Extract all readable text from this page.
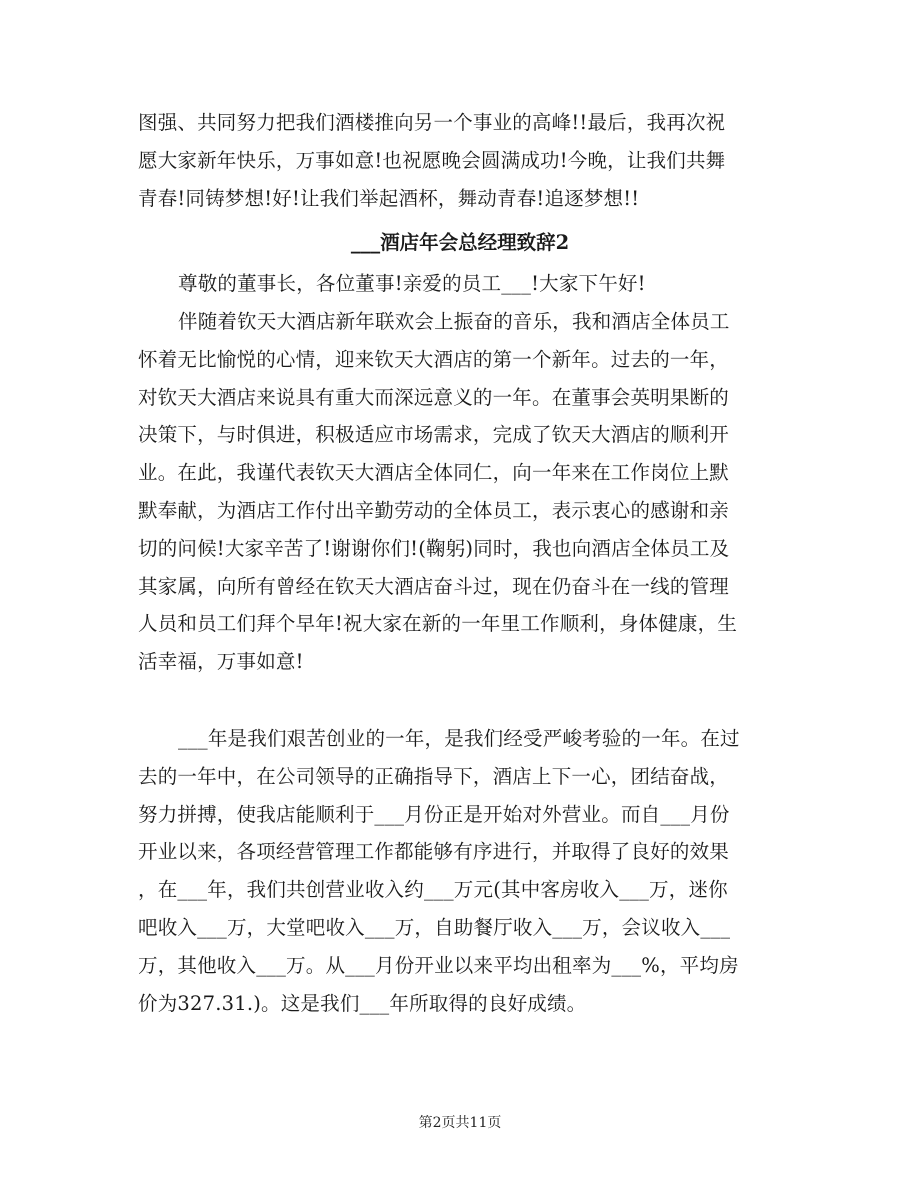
图强、共同努力把我们酒楼推向另一个事业的高峰!!最后，我再次祝
愿大家新年快乐，万事如意!也祝愿晚会圆满成功!今晚，让我们共舞
青春!同铸梦想!好!让我们举起酒杯，舞动青春!追逐梦想!!
___酒店年会总经理致辞2
尊敬的董事长，各位董事!亲爱的员工___!大家下午好!
伴随着钦天大酒店新年联欢会上振奋的音乐，我和酒店全体员工
怀着无比愉悦的心情，迎来钦天大酒店的第一个新年。过去的一年，
对钦天大酒店来说具有重大而深远意义的一年。在董事会英明果断的
决策下，与时俱进，积极适应市场需求，完成了钦天大酒店的顺利开
业。在此，我谨代表钦天大酒店全体同仁，向一年来在工作岗位上默
默奉献，为酒店工作付出辛勤劳动的全体员工，表示衷心的感谢和亲
切的问候!大家辛苦了!谢谢你们!(鞠躬)同时，我也向酒店全体员工及
其家属，向所有曾经在钦天大酒店奋斗过，现在仍奋斗在一线的管理
人员和员工们拜个早年!祝大家在新的一年里工作顺利，身体健康，生
活幸福，万事如意!
___年是我们艰苦创业的一年，是我们经受严峻考验的一年。在过
去的一年中，在公司领导的正确指导下，酒店上下一心，团结奋战，
努力拼搏，使我店能顺利于___月份正是开始对外营业。而自___月份
开业以来，各项经营管理工作都能够有序进行，并取得了良好的效果
，在___年，我们共创营业收入约___万元(其中客房收入___万，迷你
吧收入___万，大堂吧收入___万，自助餐厅收入___万，会议收入___
万，其他收入___万。从___月份开业以来平均出租率为___%，平均房
价为327.31.)。这是我们___年所取得的良好成绩。
第2页共11页
